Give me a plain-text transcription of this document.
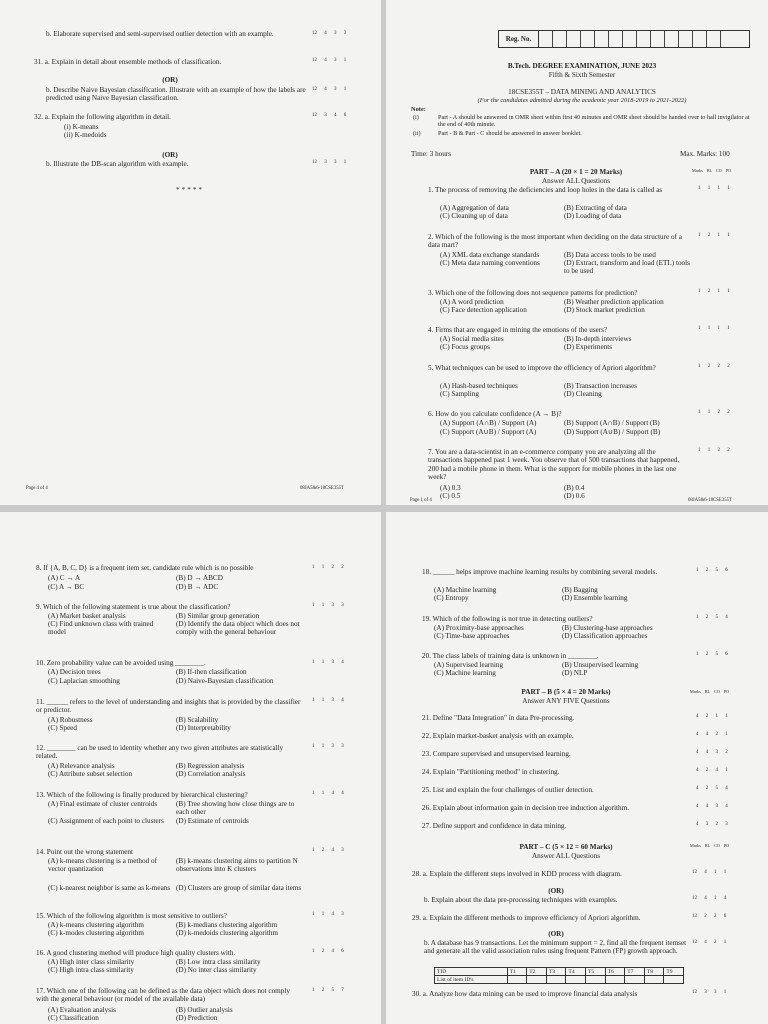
b. Elaborate supervised and semi-supervised outlier detection with an example.	12 4 3 3
31. a. Explain in detail about ensemble methods of classification.	12 4 3 1
(OR)
b. Describe Naive Bayesian classification. Illustrate with an example of how the labels are predicted using Naive Bayesian classification.
12 4 3 1
32. a. Explain the following algorithm in detail.	12 3 4 6
(i) K-means
(ii) K-medoids
(OR)
b. Illustrate the DB-scan algorithm with example.	12 3 3 1
*****
Page 4 of 4	08JA5&6-18CSE355T
Reg. No.
B.Tech. DEGREE EXAMINATION, JUNE 2023
Fifth & Sixth Semester
18CSE355T – DATA MINING AND ANALYTICS
(For the candidates admitted during the academic year 2018-2019 to 2021-2022)
Note:
(i)	Part - A should be answered in OMR sheet within first 40 minutes and OMR sheet should be handed over to hall invigilator at the end of 40th minute.
(ii)	Part - B & Part - C should be answered in answer booklet.
Time: 3 hours	Max. Marks: 100
PART – A (20 × 1 = 20 Marks)
Answer ALL Questions
Marks BL CO PO
1. The process of removing the deficiencies and loop holes in the data is called as	1 1 1 1
(A) Aggregation of data	(B) Extracting of data
(C) Cleaning up of data	(D) Loading of data
2. Which of the following is the most important when deciding on the data structure of a data mart?
1 2 1 1
(A) XML data exchange standards	(B) Data access tools to be used
(C) Meta data naming conventions	(D) Extract, transform and load (ETL) tools to be used
3. Which one of the following does not sequence patterns for prediction?	1 2 1 1
(A) A word prediction	(B) Weather prediction application
(C) Face detection application	(D) Stock market prediction
4. Firms that are engaged in mining the emotions of the users?	1 1 1 1
(A) Social media sites	(B) In-depth interviews
(C) Focus groups	(D) Experiments
5. What techniques can be used to improve the efficiency of Apriori algorithm?	1 2 2 2
(A) Hash-based techniques	(B) Transaction increases
(C) Sampling	(D) Cleaning
6. How do you calculate confidence (A → B)?	1 1 2 2
(A) Support (A∩B) / Support (A)	(B) Support (A∩B) / Support (B)
(C) Support (A∪B) / Support (A)	(D) Support (A∪B) / Support (B)
7. You are a data-scientist in an e-commerce company you are analyzing all the transactions happened past 1 week. You observe that of 500 transactions that happened, 200 had a mobile phone in them. What is the support for mobile phones in the last one week?
1 1 2 2
(A) 0.3	(B) 0.4
(C) 0.5	(D) 0.6
Page 1 of 4	08JA5&6-18CSE355T
8. If {A, B, C, D} is a frequent item set, candidate rule which is no possible	1 1 2 2
(A) C → A	(B) D → ABCD
(C) A → BC	(D) B → ADC
9. Which of the following statement is true about the classification?	1 1 3 3
(A) Market basket analysis	(B) Similar group generation
(C) Find unknown class with trained model
(D) Identify the data object which does not comply with the general behaviour
10. Zero probability value can be avoided using ________.	1 1 3 4
(A) Decision trees	(B) If-then classification
(C) Laplacian smoothing	(D) Naive-Bayesian classification
11. ______ refers to the level of understanding and insights that is provided by the classifier or predictor.
1 1 3 4
(A) Robustness	(B) Scalability
(C) Speed	(D) Interpretability
12. ________ can be used to identity whether any two given attributes are statistically related.
1 1 3 3
(A) Relevance analysis	(B) Regression analysis
(C) Attribute subset selection	(D) Correlation analysis
13. Which of the following is finally produced by hierarchical clustering?	1 1 4 4
(A) Final estimate of cluster centroids	(B) Tree showing how close things are to each other
(C) Assignment of each point to clusters	(D) Estimate of centroids
14. Point out the wrong statement	1 2 4 3
(A) k-means clustering is a method of vector quantization
(B) k-means clustering aims to partition N observations into K clusters
(C) k-nearest neighbor is same as k-means (D) Clusters are group of similar data items
15. Which of the following algorithm is most sensitive to outliers?	1 1 4 3
(A) k-means clustering algorithm	(B) k-medians clustering algorithm
(C) k-modes clustering algorithm	(D) k-medoids clustering algorithm
16. A good clustering method will produce high quality clusters with.	1 2 4 6
(A) High inter class similarity	(B) Low intra class similarity
(C) High intra class similarity	(D) No inter class similarity
17. Which one of the following can be defined as the data object which does not comply with the general behaviour (or model of the available data)
1 2 5 7
(A) Evaluation analysis	(B) Outlier analysis
(C) Classification	(D) Prediction
18. ______ helps improve machine learning results by combining several models.	1 2 5 6
(A) Machine learning	(B) Bagging
(C) Entropy	(D) Ensemble learning
19. Which of the following is not true in detecting outliers?	1 2 5 4
(A) Proximity-base approaches	(B) Clustering-base approaches
(C) Time-base approaches	(D) Classification approaches
20. The class labels of training data is unknown in ________.	1 2 5 6
(A) Supervised learning	(B) Unsupervised learning
(C) Machine learning	(D) NLP
PART – B (5 × 4 = 20 Marks)
Answer ANY FIVE Questions
Marks BL CO PO
21. Define "Data Integration" in data Pre-processing.	4 2 1 1
22. Explain market-basket analysis with an example.	4 4 2 1
23. Compare supervised and unsupervised learning.	4 4 3 2
24. Explain "Partitioning method" in clustering.	4 2 4 1
25. List and explain the four challenges of outlier detection.	4 2 5 4
26. Explain about information gain in decision tree induction algorithm.	4 4 3 4
27. Define support and confidence in data mining.	4 3 2 3
PART – C (5 × 12 = 60 Marks)
Answer ALL Questions
Marks BL CO PO
28. a. Explain the different steps involved in KDD process with diagram.	12 4 1 1
(OR)
b. Explain about the data pre-processing techniques with examples.	12 4 1 4
29. a. Explain the different methods to improve efficiency of Apriori algorithm.	12 2 2 6
(OR)
b. A database has 9 transactions. Let the minimum support = 2, find all the frequent itemset and generate all the valid association rules using frequent Pattern (FP) growth approach.
12 4 2 1
TID	T1	T2	T3	T4	T5	T6	T7	T8	T9
List of item ID's									
30. a. Analyze how data mining can be used to improve financial data analysis	12 3 3 1
